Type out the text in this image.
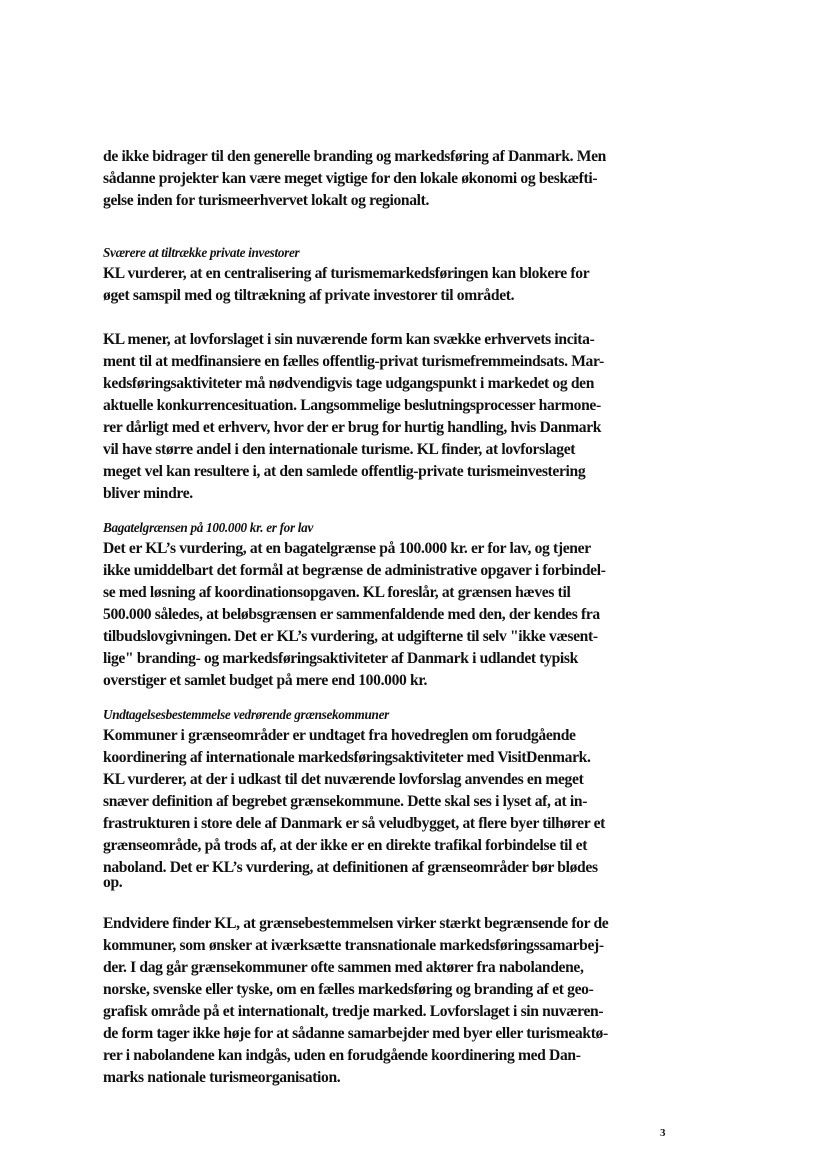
de ikke bidrager til den generelle branding og markedsføring af Danmark. Men
sådanne projekter kan være meget vigtige for den lokale økonomi og beskæfti-
gelse inden for turismeerhvervet lokalt og regionalt.
Sværere at tiltrække private investorer
KL vurderer, at en centralisering af turismemarkedsføringen kan blokere for
øget samspil med og tiltrækning af private investorer til området.
KL mener, at lovforslaget i sin nuværende form kan svække erhvervets incita-
ment til at medfinansiere en fælles offentlig-privat turismefremmeindsats. Mar-
kedsføringsaktiviteter må nødvendigvis tage udgangspunkt i markedet og den
aktuelle konkurrencesituation. Langsommelige beslutningsprocesser harmone-
rer dårligt med et erhverv, hvor der er brug for hurtig handling, hvis Danmark
vil have større andel i den internationale turisme. KL finder, at lovforslaget
meget vel kan resultere i, at den samlede offentlig-private turismeinvestering
bliver mindre.
Bagatelgrænsen på 100.000 kr. er for lav
Det er KL’s vurdering, at en bagatelgrænse på 100.000 kr. er for lav, og tjener
ikke umiddelbart det formål at begrænse de administrative opgaver i forbindel-
se med løsning af koordinationsopgaven. KL foreslår, at grænsen hæves til
500.000 således, at beløbsgrænsen er sammenfaldende med den, der kendes fra
tilbudslovgivningen. Det er KL’s vurdering, at udgifterne til selv "ikke væsent-
lige" branding- og markedsføringsaktiviteter af Danmark i udlandet typisk
overstiger et samlet budget på mere end 100.000 kr.
Undtagelsesbestemmelse vedrørende grænsekommuner
Kommuner i grænseområder er undtaget fra hovedreglen om forudgående
koordinering af internationale markedsføringsaktiviteter med VisitDenmark.
KL vurderer, at der i udkast til det nuværende lovforslag anvendes en meget
snæver definition af begrebet grænsekommune. Dette skal ses i lyset af, at in-
frastrukturen i store dele af Danmark er så veludbygget, at flere byer tilhører et
grænseområde, på trods af, at der ikke er en direkte trafikal forbindelse til et
naboland. Det er KL’s vurdering, at definitionen af grænseområder bør blødes
op.
Endvidere finder KL, at grænsebestemmelsen virker stærkt begrænsende for de
kommuner, som ønsker at iværksætte transnationale markedsføringssamarbej-
der. I dag går grænsekommuner ofte sammen med aktører fra nabolandene,
norske, svenske eller tyske, om en fælles markedsføring og branding af et geo-
grafisk område på et internationalt, tredje marked. Lovforslaget i sin nuværen-
de form tager ikke høje for at sådanne samarbejder med byer eller turismeaktø-
rer i nabolandene kan indgås, uden en forudgående koordinering med Dan-
marks nationale turismeorganisation.
3
